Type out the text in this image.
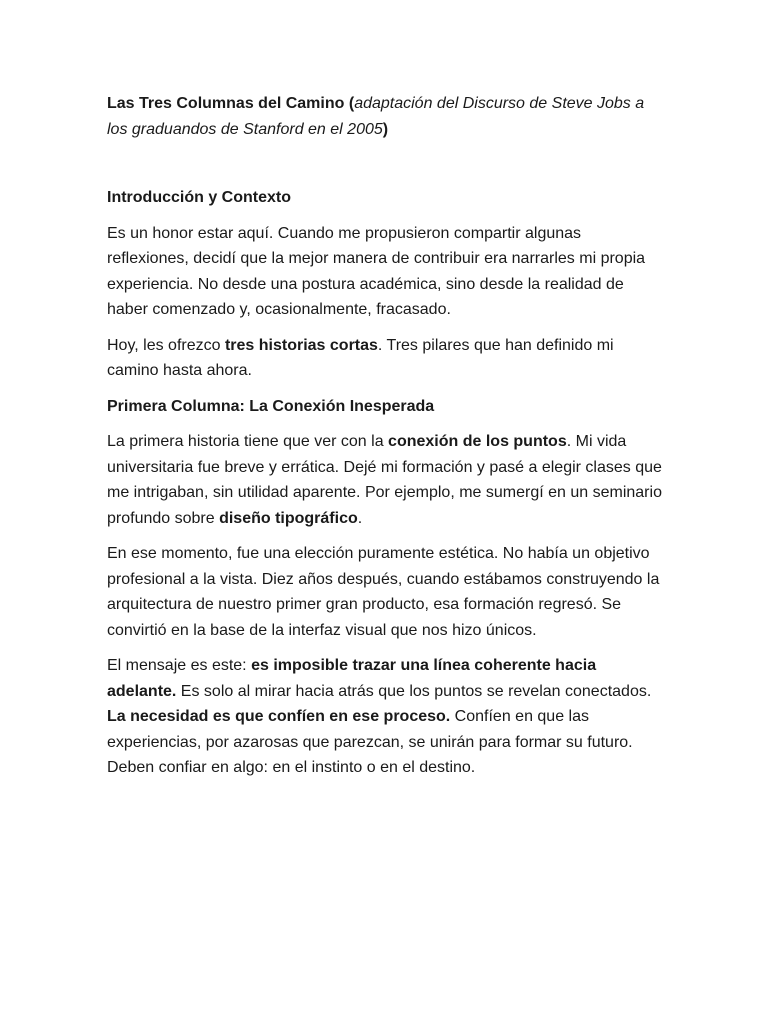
Las Tres Columnas del Camino (adaptación del Discurso de Steve Jobs a los graduandos de Stanford en el 2005)

Introducción y Contexto

Es un honor estar aquí. Cuando me propusieron compartir algunas reflexiones, decidí que la mejor manera de contribuir era narrarles mi propia experiencia. No desde una postura académica, sino desde la realidad de haber comenzado y, ocasionalmente, fracasado.

Hoy, les ofrezco tres historias cortas. Tres pilares que han definido mi camino hasta ahora.

Primera Columna: La Conexión Inesperada

La primera historia tiene que ver con la conexión de los puntos. Mi vida universitaria fue breve y errática. Dejé mi formación y pasé a elegir clases que me intrigaban, sin utilidad aparente. Por ejemplo, me sumergí en un seminario profundo sobre diseño tipográfico.

En ese momento, fue una elección puramente estética. No había un objetivo profesional a la vista. Diez años después, cuando estábamos construyendo la arquitectura de nuestro primer gran producto, esa formación regresó. Se convirtió en la base de la interfaz visual que nos hizo únicos.

El mensaje es este: es imposible trazar una línea coherente hacia adelante. Es solo al mirar hacia atrás que los puntos se revelan conectados. La necesidad es que confíen en ese proceso. Confíen en que las experiencias, por azarosas que parezcan, se unirán para formar su futuro. Deben confiar en algo: en el instinto o en el destino.
